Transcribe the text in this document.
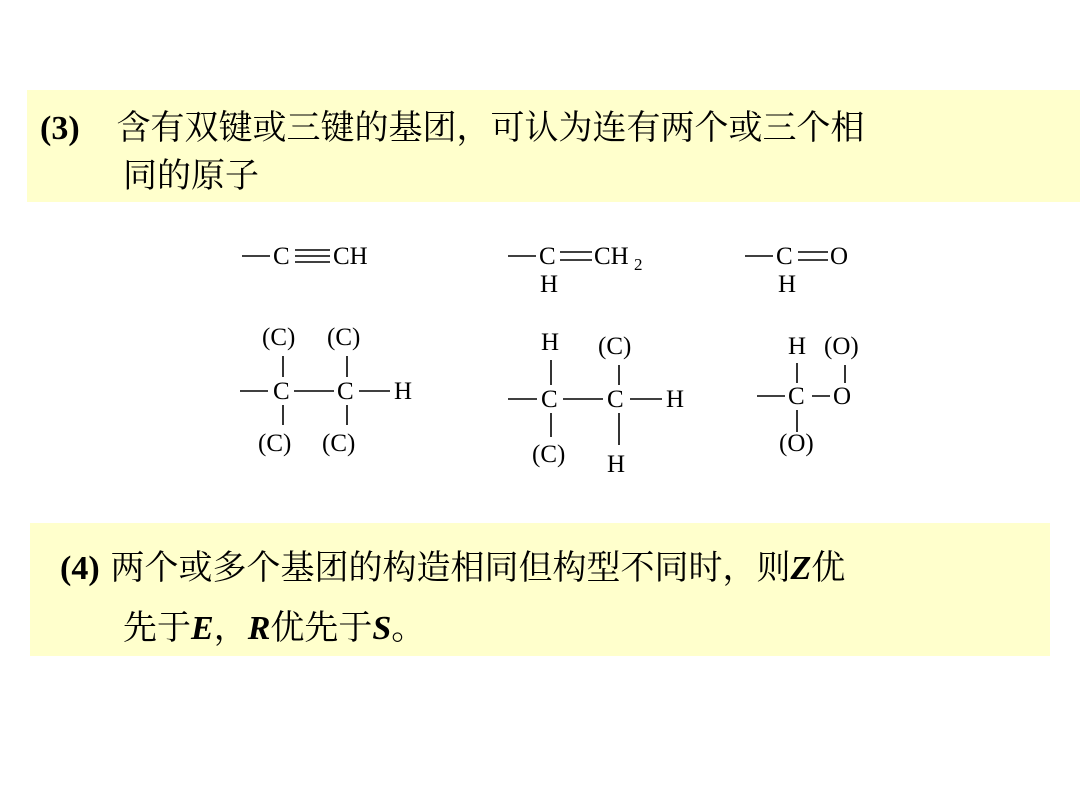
(3) 含有双键或三键的基团，可认为连有两个或三个相
同的原子
(4) 两个或多个基团的构造相同但构型不同时，则Z优
先于E，R优先于S。
C CH	C CH 2
H
C O
H
(C) (C)
C C H
(C) (C)
H (C)
C C H
(C) H
H (O)
C O
(O)
